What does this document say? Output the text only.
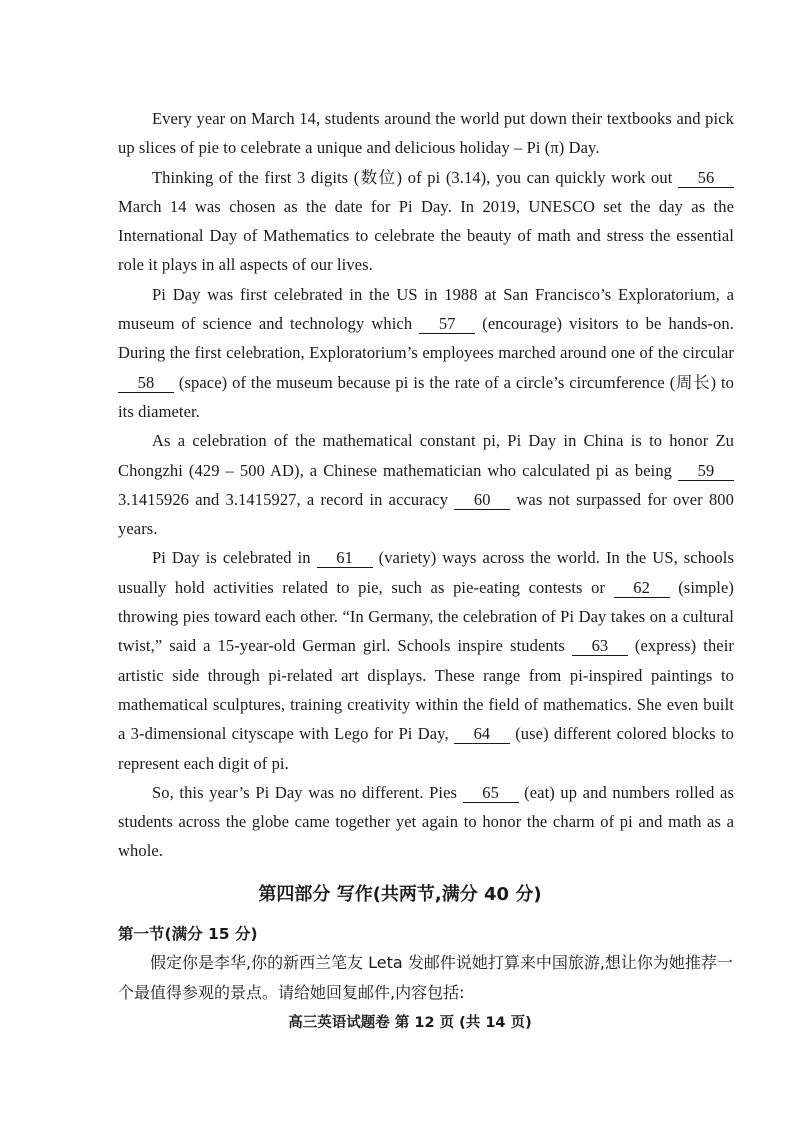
Every year on March 14, students around the world put down their textbooks and pick up slices of pie to celebrate a unique and delicious holiday – Pi (π) Day.

Thinking of the first 3 digits (数位) of pi (3.14), you can quickly work out 56 March 14 was chosen as the date for Pi Day. In 2019, UNESCO set the day as the International Day of Mathematics to celebrate the beauty of math and stress the essential role it plays in all aspects of our lives.

Pi Day was first celebrated in the US in 1988 at San Francisco’s Exploratorium, a museum of science and technology which 57 (encourage) visitors to be hands-on. During the first celebration, Exploratorium’s employees marched around one of the circular 58 (space) of the museum because pi is the rate of a circle’s circumference (周长) to its diameter.

As a celebration of the mathematical constant pi, Pi Day in China is to honor Zu Chongzhi (429 – 500 AD), a Chinese mathematician who calculated pi as being 59 3.1415926 and 3.1415927, a record in accuracy 60 was not surpassed for over 800 years.

Pi Day is celebrated in 61 (variety) ways across the world. In the US, schools usually hold activities related to pie, such as pie-eating contests or 62 (simple) throwing pies toward each other. “In Germany, the celebration of Pi Day takes on a cultural twist,” said a 15-year-old German girl. Schools inspire students 63 (express) their artistic side through pi-related art displays. These range from pi-inspired paintings to mathematical sculptures, training creativity within the field of mathematics. She even built a 3-dimensional cityscape with Lego for Pi Day, 64 (use) different colored blocks to represent each digit of pi.

So, this year’s Pi Day was no different. Pies 65 (eat) up and numbers rolled as students across the globe came together yet again to honor the charm of pi and math as a whole.

第四部分 写作(共两节,满分 40 分)
第一节(满分 15 分)

假定你是李华,你的新西兰笔友 Leta 发邮件说她打算来中国旅游,想让你为她推荐一个最值得参观的景点。请给她回复邮件,内容包括:

高三英语试题卷 第 12 页 (共 14 页)
